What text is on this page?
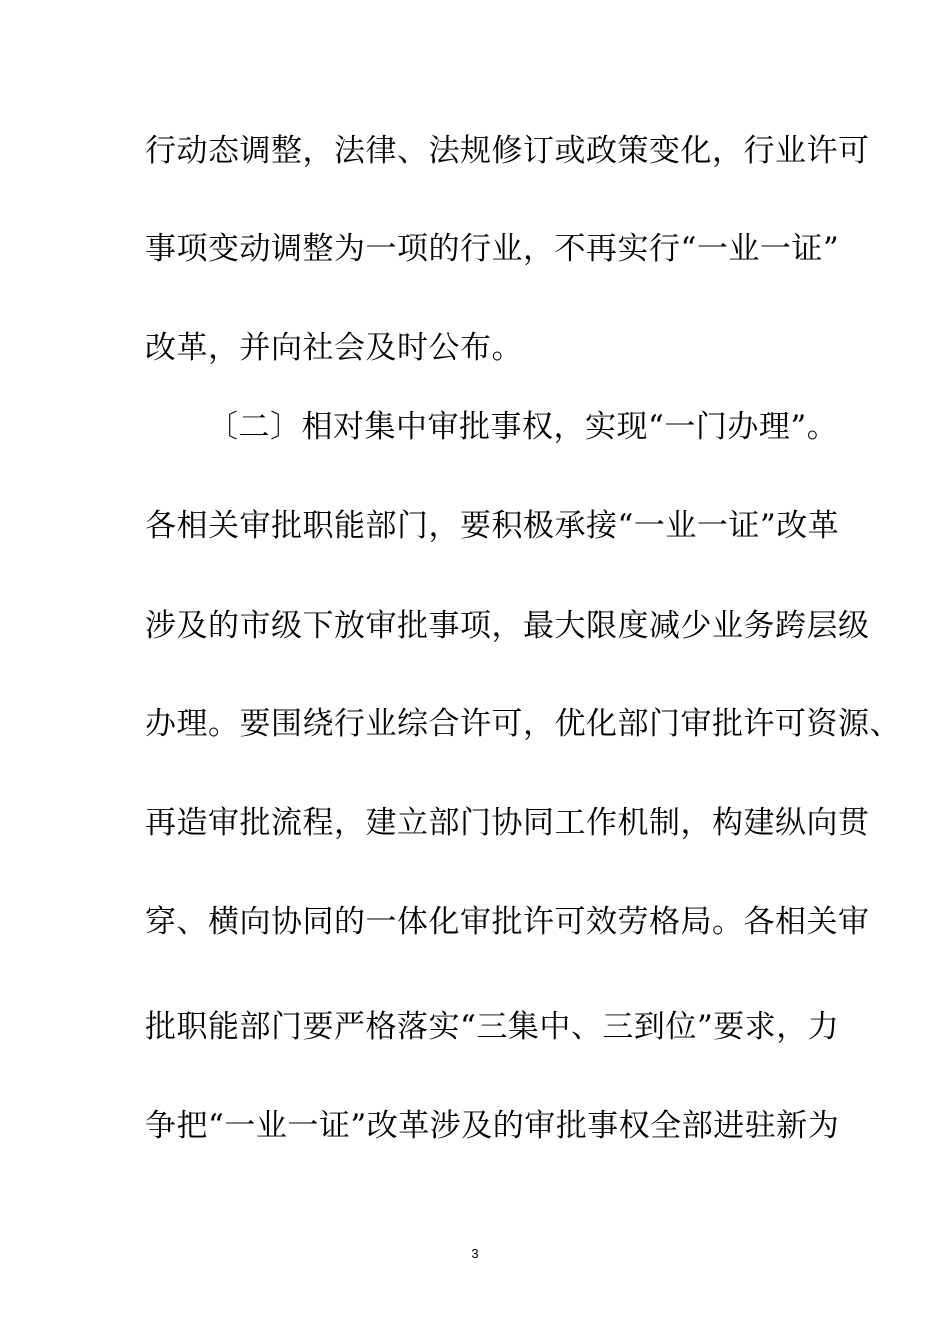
行动态调整，法律、法规修订或政策变化，行业许可

事项变动调整为一项的行业，不再实行“一业一证”

改革，并向社会及时公布。

〔二〕相对集中审批事权，实现“一门办理”。

各相关审批职能部门，要积极承接“一业一证”改革

涉及的市级下放审批事项，最大限度减少业务跨层级

办理。要围绕行业综合许可，优化部门审批许可资源、

再造审批流程，建立部门协同工作机制，构建纵向贯

穿、横向协同的一体化审批许可效劳格局。各相关审

批职能部门要严格落实“三集中、三到位”要求，力

争把“一业一证”改革涉及的审批事权全部进驻新为

3
